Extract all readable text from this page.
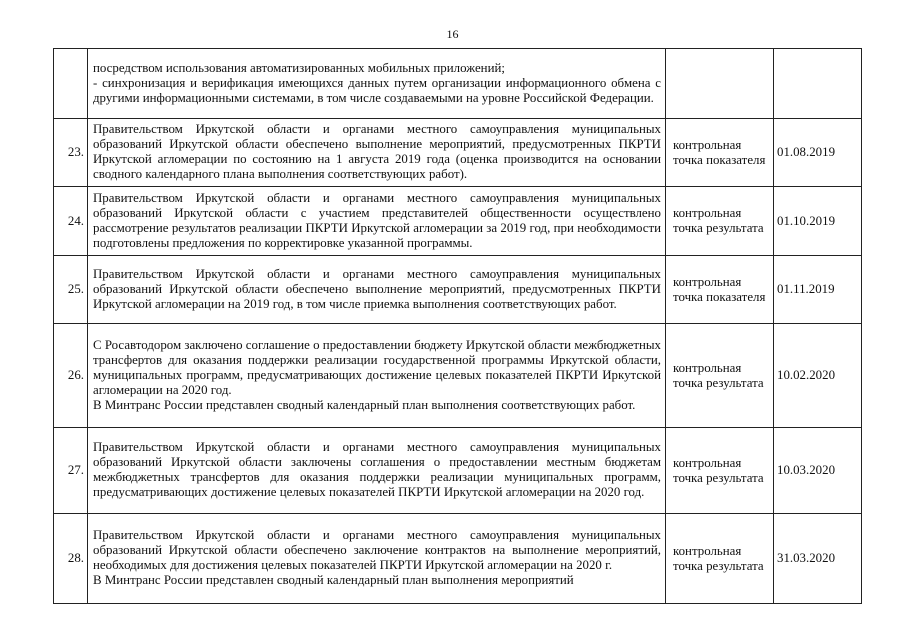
16

	посредством использования автоматизированных мобильных приложений;
- синхронизация и верификация имеющихся данных путем организации информационного обмена с другими информационными системами, в том числе создаваемыми на уровне Российской Федерации.		

23.	Правительством Иркутской области и органами местного самоуправления муниципальных образований Иркутской области обеспечено выполнение мероприятий, предусмотренных ПКРТИ Иркутской агломерации по состоянию на 1 августа 2019 года (оценка производится на основании сводного календарного плана выполнения соответствующих работ).	контрольная точка показателя	01.08.2019
24.	Правительством Иркутской области и органами местного самоуправления муниципальных образований Иркутской области с участием представителей общественности осуществлено рассмотрение результатов реализации ПКРТИ Иркутской агломерации за 2019 год, при необходимости подготовлены предложения по корректировке указанной программы.	контрольная точка результата	01.10.2019
25.	Правительством Иркутской области и органами местного самоуправления муниципальных образований Иркутской области обеспечено выполнение мероприятий, предусмотренных ПКРТИ Иркутской агломерации на 2019 год, в том числе приемка выполнения соответствующих работ.	контрольная точка показателя	01.11.2019
26.	С Росавтодором заключено соглашение о предоставлении бюджету Иркутской области межбюджетных трансфертов для оказания поддержки реализации государственной программы Иркутской области, муниципальных программ, предусматривающих достижение целевых показателей ПКРТИ Иркутской агломерации на 2020 год.
В Минтранс России представлен сводный календарный план выполнения соответствующих работ.	контрольная точка результата	10.02.2020
27.	Правительством Иркутской области и органами местного самоуправления муниципальных образований Иркутской области заключены соглашения о предоставлении местным бюджетам межбюджетных трансфертов для оказания поддержки реализации муниципальных программ, предусматривающих достижение целевых показателей ПКРТИ Иркутской агломерации на 2020 год.	контрольная точка результата	10.03.2020
28.	Правительством Иркутской области и органами местного самоуправления муниципальных образований Иркутской области обеспечено заключение контрактов на выполнение мероприятий, необходимых для достижения целевых показателей ПКРТИ Иркутской агломерации на 2020 г.
В Минтранс России представлен сводный календарный план выполнения мероприятий	контрольная точка результата	31.03.2020
